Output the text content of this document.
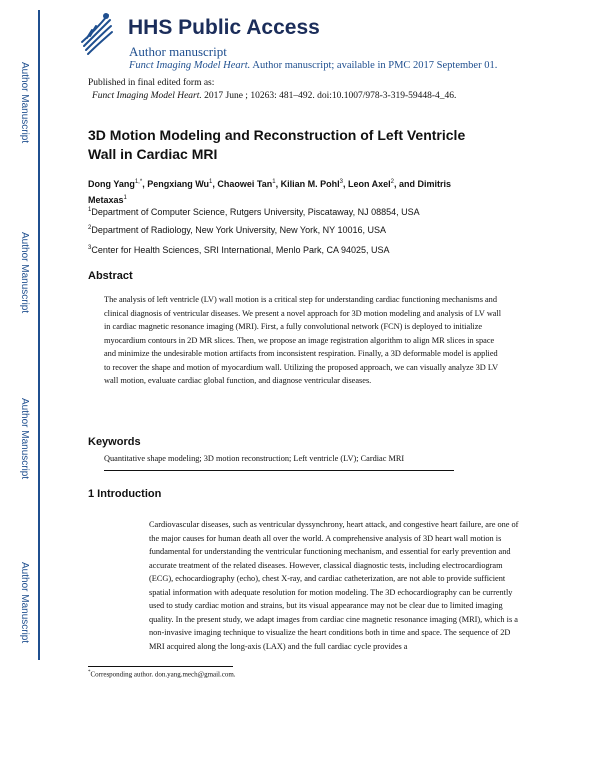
Author Manuscript
Author Manuscript
Author Manuscript
Author Manuscript
HHS Public Access
Author manuscript
Funct Imaging Model Heart. Author manuscript; available in PMC 2017 September 01.
Published in final edited form as:
Funct Imaging Model Heart. 2017 June ; 10263: 481–492. doi:10.1007/978-3-319-59448-4_46.
3D Motion Modeling and Reconstruction of Left Ventricle Wall in Cardiac MRI
Dong Yang$^{1,*}$, Pengxiang Wu$^1$, Chaowei Tan$^1$, Kilian M. Pohl$^3$, Leon Axel$^2$, and Dimitris Metaxas$^1$
$^1$Department of Computer Science, Rutgers University, Piscataway, NJ 08854, USA
$^2$Department of Radiology, New York University, New York, NY 10016, USA
$^3$Center for Health Sciences, SRI International, Menlo Park, CA 94025, USA
Abstract
The analysis of left ventricle (LV) wall motion is a critical step for understanding cardiac functioning mechanisms and clinical diagnosis of ventricular diseases. We present a novel approach for 3D motion modeling and analysis of LV wall in cardiac magnetic resonance imaging (MRI). First, a fully convolutional network (FCN) is deployed to initialize myocardium contours in 2D MR slices. Then, we propose an image registration algorithm to align MR slices in space and minimize the undesirable motion artifacts from inconsistent respiration. Finally, a 3D deformable model is applied to recover the shape and motion of myocardium wall. Utilizing the proposed approach, we can visually analyze 3D LV wall motion, evaluate cardiac global function, and diagnose ventricular diseases.
Keywords
Quantitative shape modeling; 3D motion reconstruction; Left ventricle (LV); Cardiac MRI
1 Introduction
Cardiovascular diseases, such as ventricular dyssynchrony, heart attack, and congestive heart failure, are one of the major causes for human death all over the world. A comprehensive analysis of 3D heart wall motion is fundamental for understanding the ventricular functioning mechanism, and essential for early prevention and accurate treatment of the related diseases. However, classical diagnostic tests, including electrocardiogram (ECG), echocardiography (echo), chest X-ray, and cardiac catheterization, are not able to provide sufficient spatial information with adequate resolution for motion modeling. The 3D echocardiography can be currently used to study cardiac motion and strains, but its visual appearance may not be clear due to limited imaging quality. In the present study, we adapt images from cardiac cine magnetic resonance imaging (MRI), which is a non-invasive imaging technique to visualize the heart conditions both in time and space. The sequence of 2D MRI acquired along the long-axis (LAX) and the full cardiac cycle provides a
*Corresponding author. don.yang.mech@gmail.com.
